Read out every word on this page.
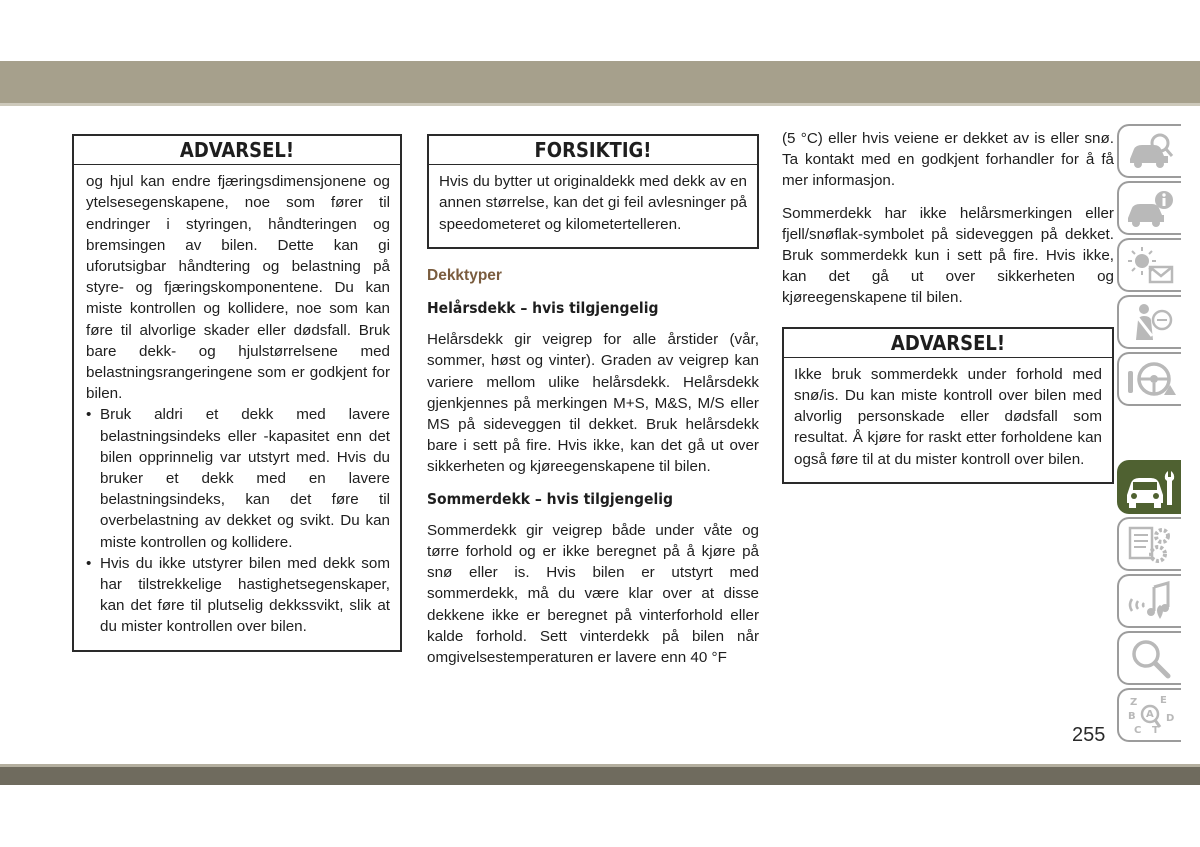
ADVARSEL!

og hjul kan endre fjæringsdimensjonene og ytelsesegenskapene, noe som fører til endringer i styringen, håndteringen og bremsingen av bilen. Dette kan gi uforutsigbar håndtering og belastning på styre- og fjæringskomponentene. Du kan miste kontrollen og kollidere, noe som kan føre til alvorlige skader eller dødsfall. Bruk bare dekk- og hjulstørrelsene med belastningsrangeringene som er godkjent for bilen.

• Bruk aldri et dekk med lavere belastningsindeks eller -kapasitet enn det bilen opprinnelig var utstyrt med. Hvis du bruker et dekk med en lavere belastningsindeks, kan det føre til overbelastning av dekket og svikt. Du kan miste kontrollen og kollidere.
• Hvis du ikke utstyrer bilen med dekk som har tilstrekkelige hastighetsegenskaper, kan det føre til plutselig dekkssvikt, slik at du mister kontrollen over bilen.
FORSIKTIG!

Hvis du bytter ut originaldekk med dekk av en annen størrelse, kan det gi feil avlesninger på speedometeret og kilometertelleren.

Dekktyper
Helårsdekk – hvis tilgjengelig

Helårsdekk gir veigrep for alle årstider (vår, sommer, høst og vinter). Graden av veigrep kan variere mellom ulike helårsdekk. Helårsdekk gjenkjennes på merkingen M+S, M&S, M/S eller MS på sideveggen til dekket. Bruk helårsdekk bare i sett på fire. Hvis ikke, kan det gå ut over sikkerheten og kjøreegenskapene til bilen.

Sommerdekk – hvis tilgjengelig

Sommerdekk gir veigrep både under våte og tørre forhold og er ikke beregnet på å kjøre på snø eller is. Hvis bilen er utstyrt med sommerdekk, må du være klar over at disse dekkene ikke er beregnet på vinterforhold eller kalde forhold. Sett vinterdekk på bilen når omgivelsestemperaturen er lavere enn 40 °F

(5 °C) eller hvis veiene er dekket av is eller snø. Ta kontakt med en godkjent forhandler for å få mer informasjon.

Sommerdekk har ikke helårsmerkingen eller fjell/snøflak-symbolet på sideveggen på dekket. Bruk sommerdekk kun i sett på fire. Hvis ikke, kan det gå ut over sikkerheten og kjøreegenskapene til bilen.

ADVARSEL!

Ikke bruk sommerdekk under forhold med snø/is. Du kan miste kontroll over bilen med alvorlig personskade eller dødsfall som resultat. Å kjøre for raskt etter forholdene kan også føre til at du mister kontroll over bilen.

Z E
B	D
A
C T
255
